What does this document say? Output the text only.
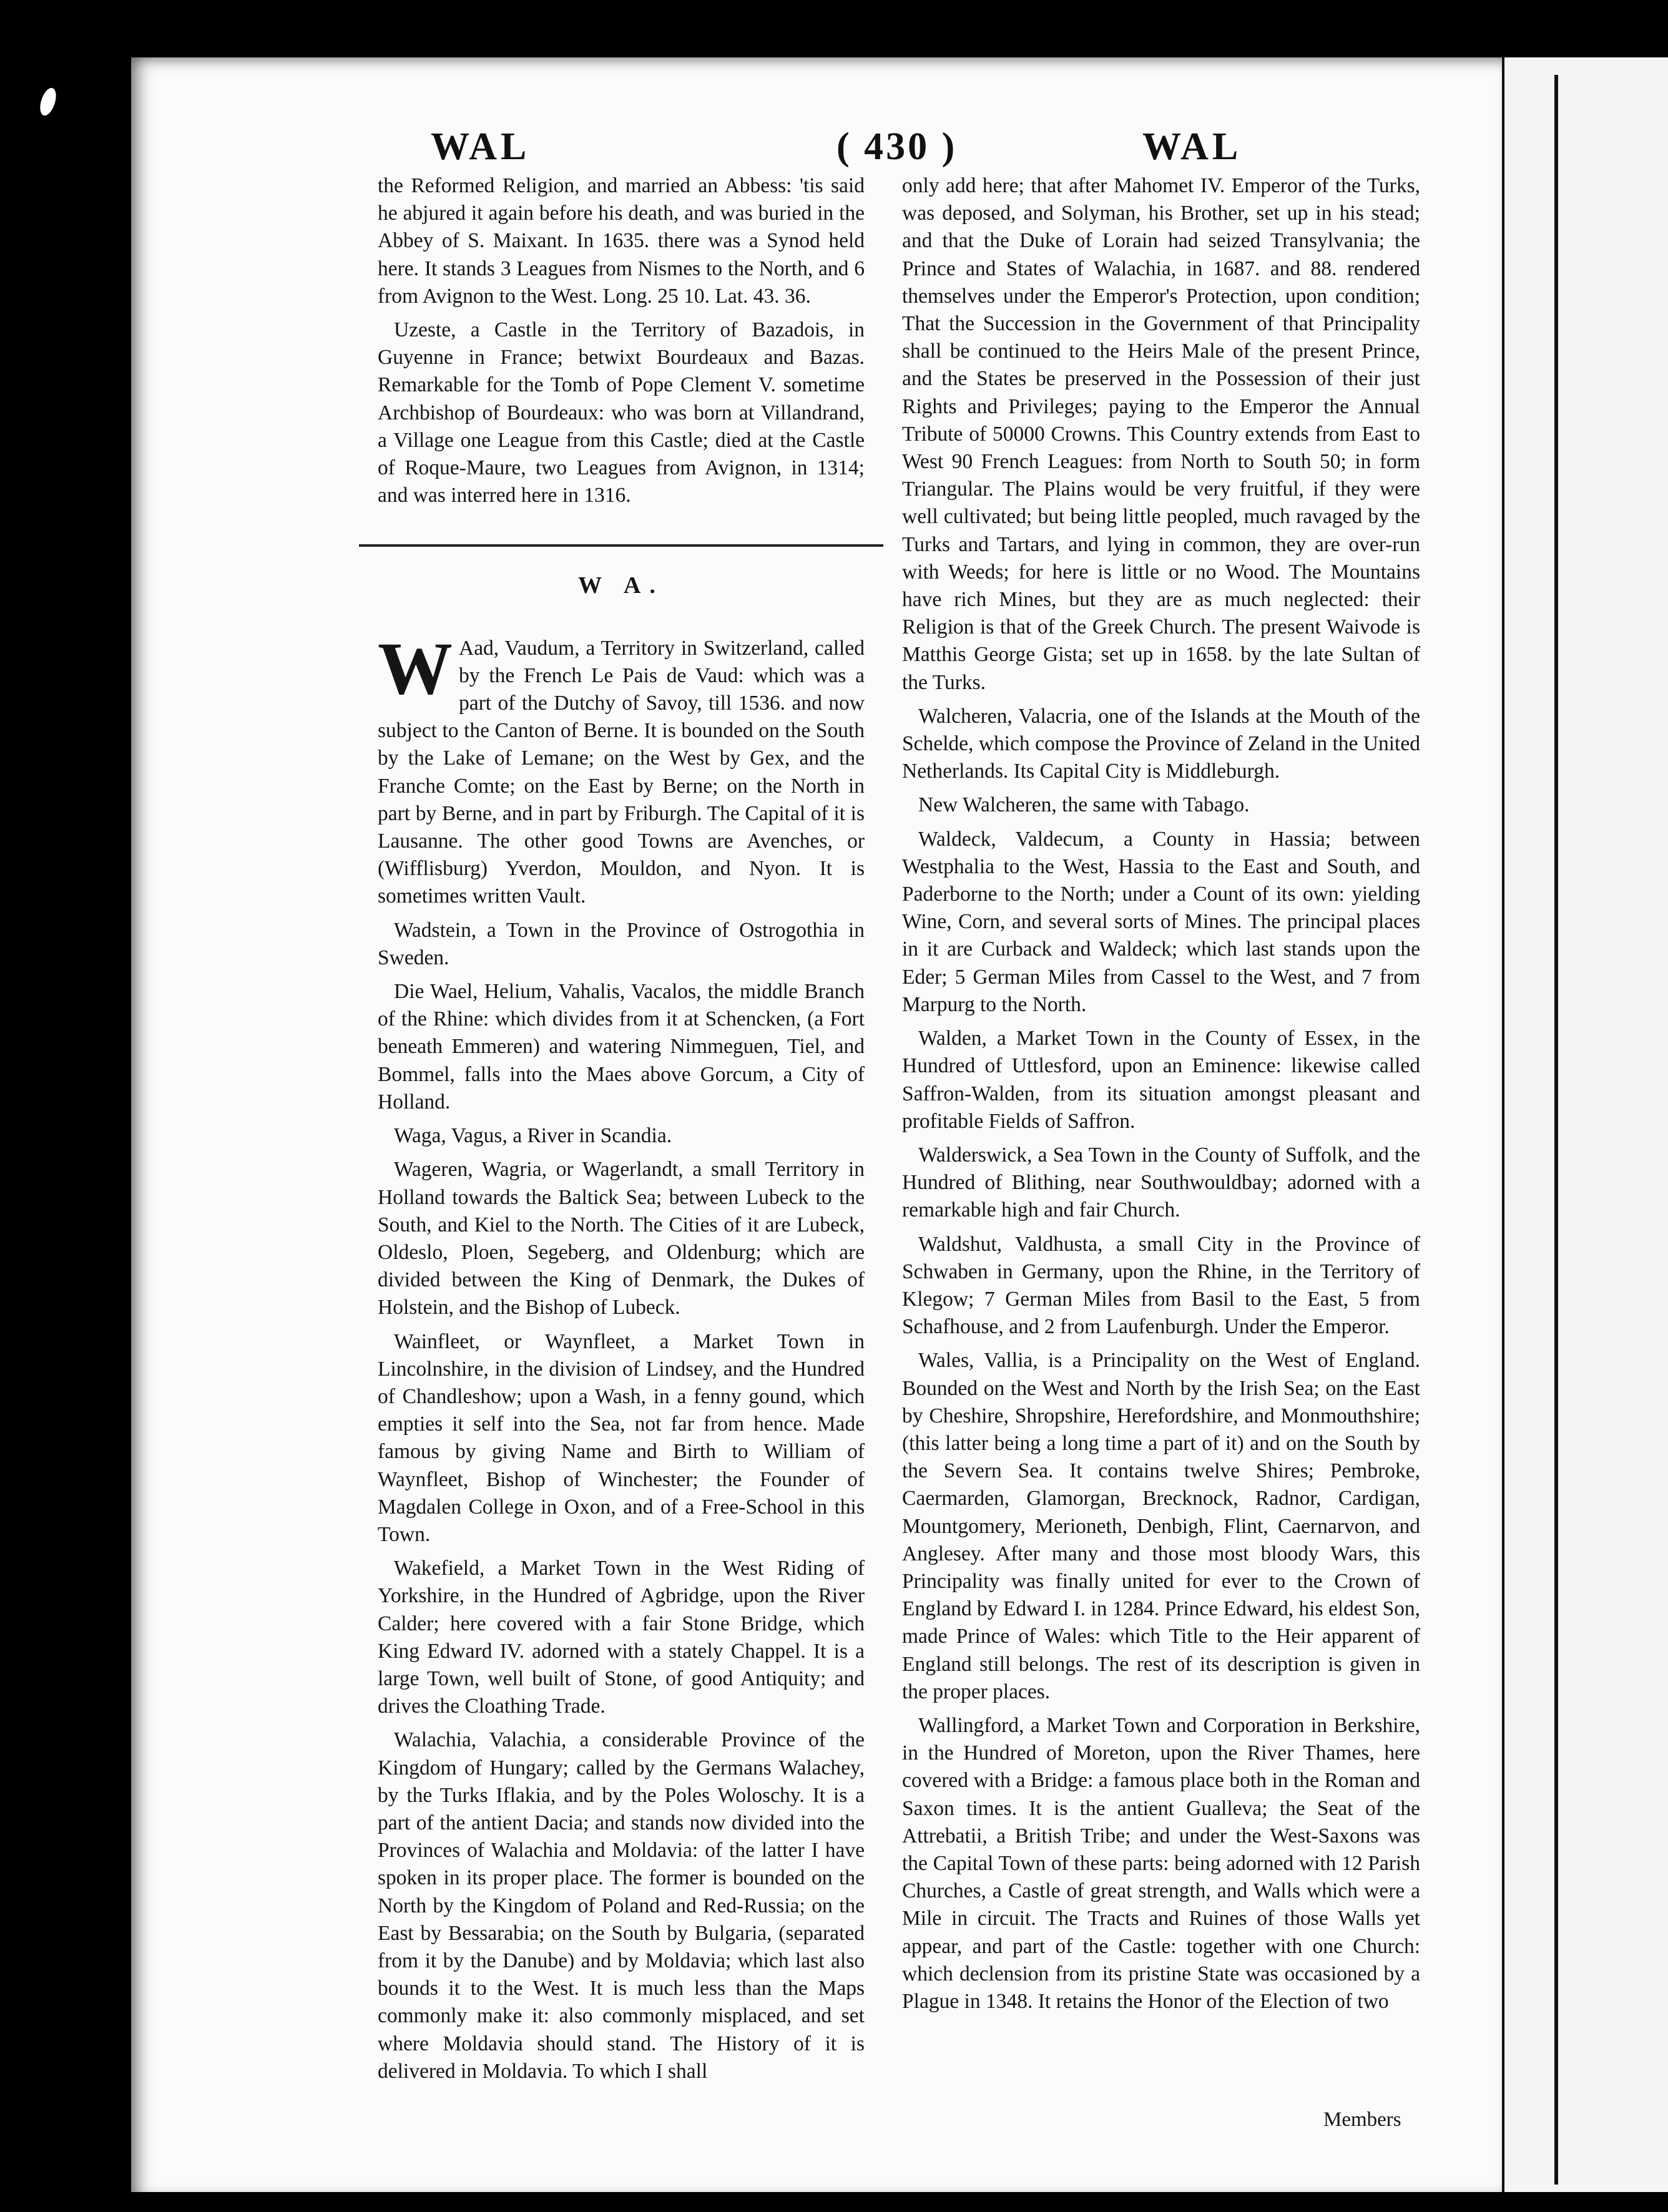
WAL	( 430 )	WAL

the Reformed Religion, and married an Abbess: 'tis said he abjured it again before his death, and was buried in the Abbey of S. Maixant. In 1635. there was a Synod held here. It stands 3 Leagues from Nismes to the North, and 6 from Avignon to the West. Long. 25 10. Lat. 43. 36.

Uzeste, a Castle in the Territory of Bazadois, in Guyenne in France; betwixt Bourdeaux and Bazas. Remarkable for the Tomb of Pope Clement V. sometime Archbishop of Bourdeaux: who was born at Villandrand, a Village one League from this Castle; died at the Castle of Roque-Maure, two Leagues from Avignon, in 1314; and was interred here in 1316.

W A.

W Aad, Vaudum, a Territory in Switzerland, called by the French Le Pais de Vaud: which was a part of the Dutchy of Savoy, till 1536. and now subject to the Canton of Berne. It is bounded on the South by the Lake of Lemane; on the West by Gex, and the Franche Comte; on the East by Berne; on the North in part by Berne, and in part by Friburgh. The Capital of it is Lausanne. The other good Towns are Avenches, or (Wifflisburg) Yverdon, Mouldon, and Nyon. It is sometimes written Vault.

Wadstein, a Town in the Province of Ostrogothia in Sweden.

Die Wael, Helium, Vahalis, Vacalos, the middle Branch of the Rhine: which divides from it at Schencken, (a Fort beneath Emmeren) and watering Nimmeguen, Tiel, and Bommel, falls into the Maes above Gorcum, a City of Holland.

Waga, Vagus, a River in Scandia.

Wageren, Wagria, or Wagerlandt, a small Territory in Holland towards the Baltick Sea; between Lubeck to the South, and Kiel to the North. The Cities of it are Lubeck, Oldeslo, Ploen, Segeberg, and Oldenburg; which are divided between the King of Denmark, the Dukes of Holstein, and the Bishop of Lubeck.

Wainfleet, or Waynfleet, a Market Town in Lincolnshire, in the division of Lindsey, and the Hundred of Chandleshow; upon a Wash, in a fenny gound, which empties it self into the Sea, not far from hence. Made famous by giving Name and Birth to William of Waynfleet, Bishop of Winchester; the Founder of Magdalen College in Oxon, and of a Free-School in this Town.

Wakefield, a Market Town in the West Riding of Yorkshire, in the Hundred of Agbridge, upon the River Calder; here covered with a fair Stone Bridge, which King Edward IV. adorned with a stately Chappel. It is a large Town, well built of Stone, of good Antiquity; and drives the Cloathing Trade.

Walachia, Valachia, a considerable Province of the Kingdom of Hungary; called by the Germans Walachey, by the Turks Iflakia, and by the Poles Woloschy. It is a part of the antient Dacia; and stands now divided into the Provinces of Walachia and Moldavia: of the latter I have spoken in its proper place. The former is bounded on the North by the Kingdom of Poland and Red-Russia; on the East by Bessarabia; on the South by Bulgaria, (separated from it by the Danube) and by Moldavia; which last also bounds it to the West. It is much less than the Maps commonly make it: also commonly misplaced, and set where Moldavia should stand. The History of it is delivered in Moldavia. To which I shall

only add here; that after Mahomet IV. Emperor of the Turks, was deposed, and Solyman, his Brother, set up in his stead; and that the Duke of Lorain had seized Transylvania; the Prince and States of Walachia, in 1687. and 88. rendered themselves under the Emperor's Protection, upon condition; That the Succession in the Government of that Principality shall be continued to the Heirs Male of the present Prince, and the States be preserved in the Possession of their just Rights and Privileges; paying to the Emperor the Annual Tribute of 50000 Crowns. This Country extends from East to West 90 French Leagues: from North to South 50; in form Triangular. The Plains would be very fruitful, if they were well cultivated; but being little peopled, much ravaged by the Turks and Tartars, and lying in common, they are over-run with Weeds; for here is little or no Wood. The Mountains have rich Mines, but they are as much neglected: their Religion is that of the Greek Church. The present Waivode is Matthis George Gista; set up in 1658. by the late Sultan of the Turks.

Walcheren, Valacria, one of the Islands at the Mouth of the Schelde, which compose the Province of Zeland in the United Netherlands. Its Capital City is Middleburgh.

New Walcheren, the same with Tabago.

Waldeck, Valdecum, a County in Hassia; between Westphalia to the West, Hassia to the East and South, and Paderborne to the North; under a Count of its own: yielding Wine, Corn, and several sorts of Mines. The principal places in it are Curback and Waldeck; which last stands upon the Eder; 5 German Miles from Cassel to the West, and 7 from Marpurg to the North.

Walden, a Market Town in the County of Essex, in the Hundred of Uttlesford, upon an Eminence: likewise called Saffron-Walden, from its situation amongst pleasant and profitable Fields of Saffron.

Walderswick, a Sea Town in the County of Suffolk, and the Hundred of Blithing, near Southwouldbay; adorned with a remarkable high and fair Church.

Waldshut, Valdhusta, a small City in the Province of Schwaben in Germany, upon the Rhine, in the Territory of Klegow; 7 German Miles from Basil to the East, 5 from Schafhouse, and 2 from Laufenburgh. Under the Emperor.

Wales, Vallia, is a Principality on the West of England. Bounded on the West and North by the Irish Sea; on the East by Cheshire, Shropshire, Herefordshire, and Monmouthshire; (this latter being a long time a part of it) and on the South by the Severn Sea. It contains twelve Shires; Pembroke, Caermarden, Glamorgan, Brecknock, Radnor, Cardigan, Mountgomery, Merioneth, Denbigh, Flint, Caernarvon, and Anglesey. After many and those most bloody Wars, this Principality was finally united for ever to the Crown of England by Edward I. in 1284. Prince Edward, his eldest Son, made Prince of Wales: which Title to the Heir apparent of England still belongs. The rest of its description is given in the proper places.

Wallingford, a Market Town and Corporation in Berkshire, in the Hundred of Moreton, upon the River Thames, here covered with a Bridge: a famous place both in the Roman and Saxon times. It is the antient Gualleva; the Seat of the Attrebatii, a British Tribe; and under the West-Saxons was the Capital Town of these parts: being adorned with 12 Parish Churches, a Castle of great strength, and Walls which were a Mile in circuit. The Tracts and Ruines of those Walls yet appear, and part of the Castle: together with one Church: which declension from its pristine State was occasioned by a Plague in 1348. It retains the Honor of the Election of two

Members
